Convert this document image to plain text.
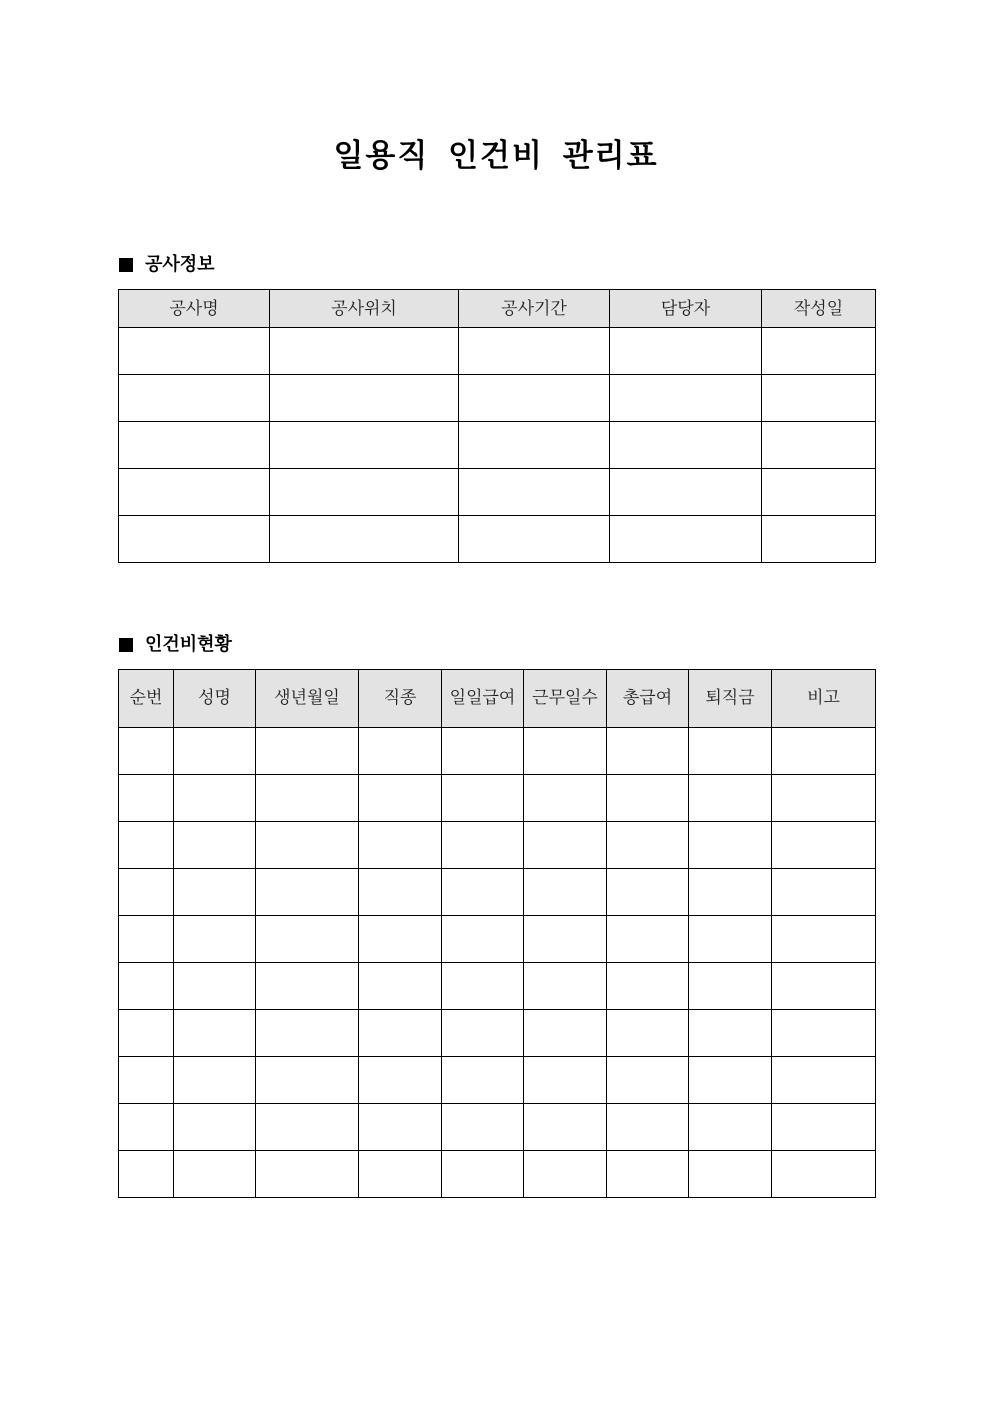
일용직 인건비 관리표
공사정보
공사명	공사위치	공사기간	담당자	작성일

인건비현황
순번	성명	생년월일	직종	일일급여	근무일수	총급여	퇴직금	비고
